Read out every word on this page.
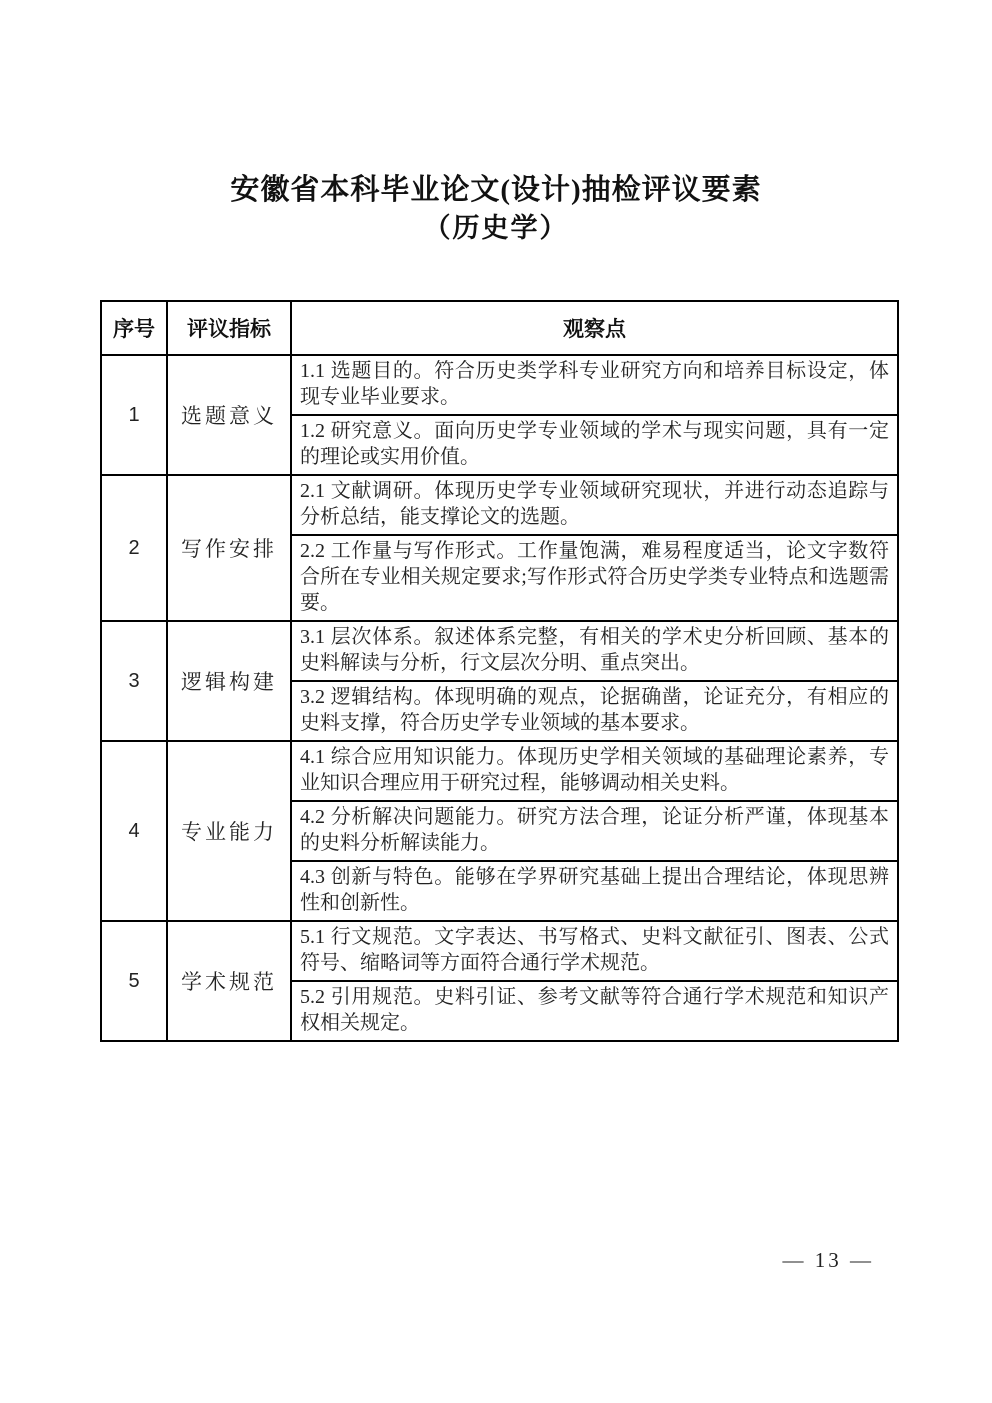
安徽省本科毕业论文(设计)抽检评议要素
（历史学）
序号	评议指标	观察点
1	选题意义	1.1 选题目的。符合历史类学科专业研究方向和培养目标设定，体现专业毕业要求。
		1.2 研究意义。面向历史学专业领域的学术与现实问题，具有一定的理论或实用价值。
2	写作安排	2.1 文献调研。体现历史学专业领域研究现状，并进行动态追踪与分析总结，能支撑论文的选题。
		2.2 工作量与写作形式。工作量饱满，难易程度适当，论文字数符合所在专业相关规定要求;写作形式符合历史学类专业特点和选题需要。
3	逻辑构建	3.1 层次体系。叙述体系完整，有相关的学术史分析回顾、基本的史料解读与分析，行文层次分明、重点突出。
		3.2 逻辑结构。体现明确的观点，论据确凿，论证充分，有相应的史料支撑，符合历史学专业领域的基本要求。
4	专业能力	4.1 综合应用知识能力。体现历史学相关领域的基础理论素养，专业知识合理应用于研究过程，能够调动相关史料。
		4.2 分析解决问题能力。研究方法合理，论证分析严谨，体现基本的史料分析解读能力。
		4.3 创新与特色。能够在学界研究基础上提出合理结论，体现思辨性和创新性。
5	学术规范	5.1 行文规范。文字表达、书写格式、史料文献征引、图表、公式符号、缩略词等方面符合通行学术规范。
		5.2 引用规范。史料引证、参考文献等符合通行学术规范和知识产权相关规定。
— 13 —
